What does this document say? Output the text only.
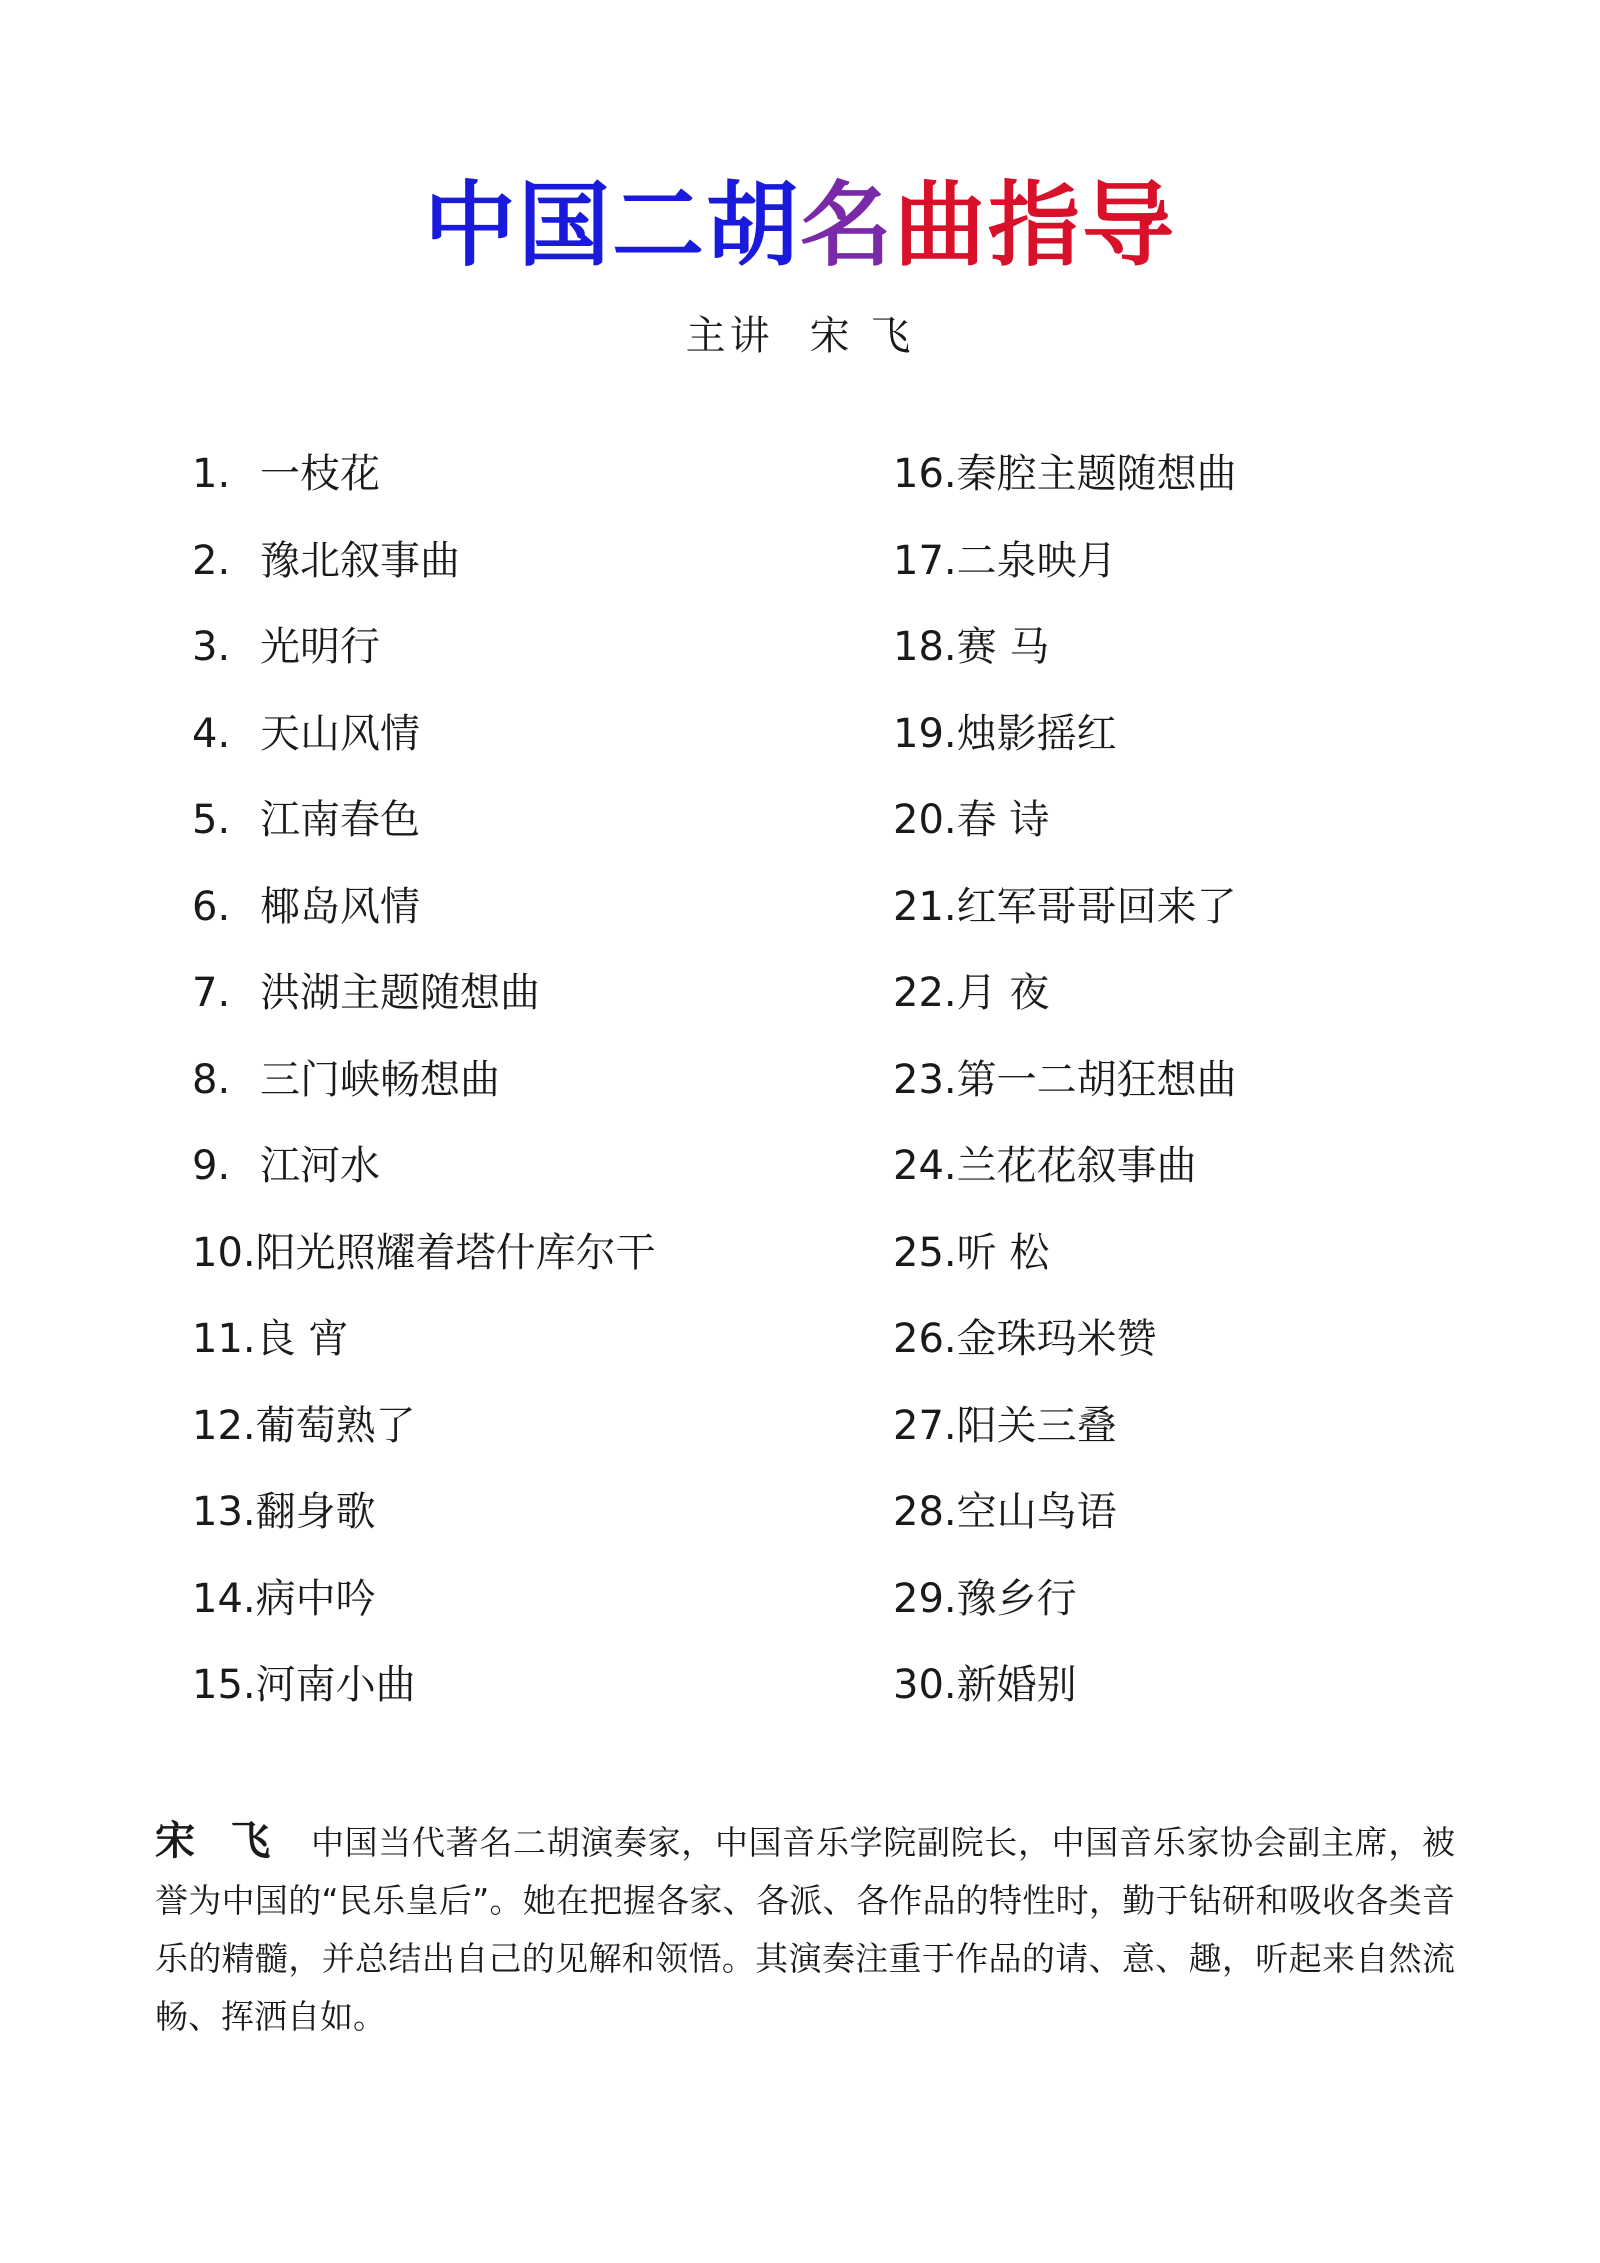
中国二胡名曲指导

主讲 宋 飞

1. 一枝花
2. 豫北叙事曲
3. 光明行
4. 天山风情
5. 江南春色
6. 椰岛风情
7. 洪湖主题随想曲
8. 三门峡畅想曲
9. 江河水
10. 阳光照耀着塔什库尔干
11. 良 宵
12. 葡萄熟了
13. 翻身歌
14. 病中吟
15. 河南小曲
16. 秦腔主题随想曲
17. 二泉映月
18. 赛 马
19. 烛影摇红
20. 春 诗
21. 红军哥哥回来了
22. 月 夜
23. 第一二胡狂想曲
24. 兰花花叙事曲
25. 听 松
26. 金珠玛米赞
27. 阳关三叠
28. 空山鸟语
29. 豫乡行
30. 新婚别

宋 飞 中国当代著名二胡演奏家，中国音乐学院副院长，中国音乐家协会副主席，被誉为中国的“民乐皇后”。她在把握各家、各派、各作品的特性时，勤于钻研和吸收各类音乐的精髓，并总结出自己的见解和领悟。其演奏注重于作品的请、意、趣，听起来自然流畅、挥洒自如。
